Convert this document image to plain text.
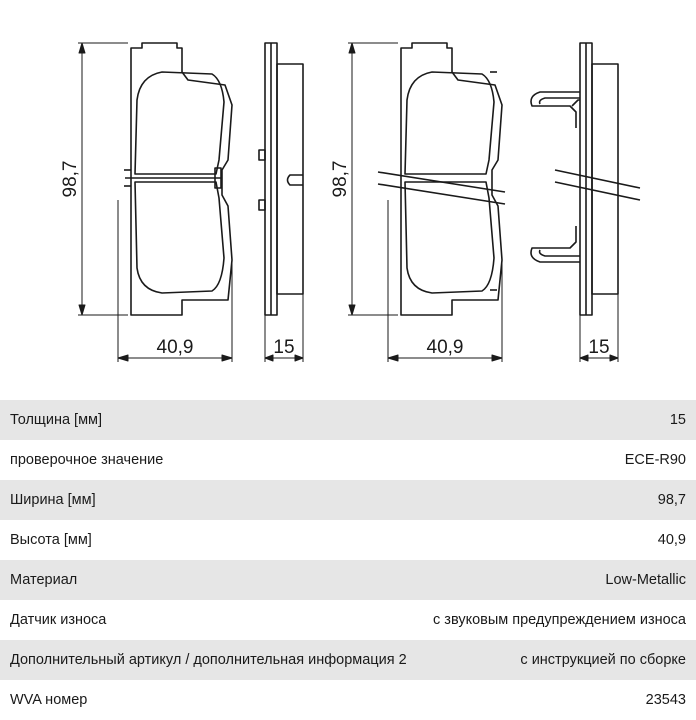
98,7
40,9	15
98,7
40,9	15
Толщина [мм]	15
проверочное значение	ECE-R90
Ширина [мм]	98,7
Высота [мм]	40,9
Материал	Low-Metallic
Датчик износа	с звуковым предупреждением износа
Дополнительный артикул / дополнительная информация 2	с инструкцией по сборке
WVA номер	23543
